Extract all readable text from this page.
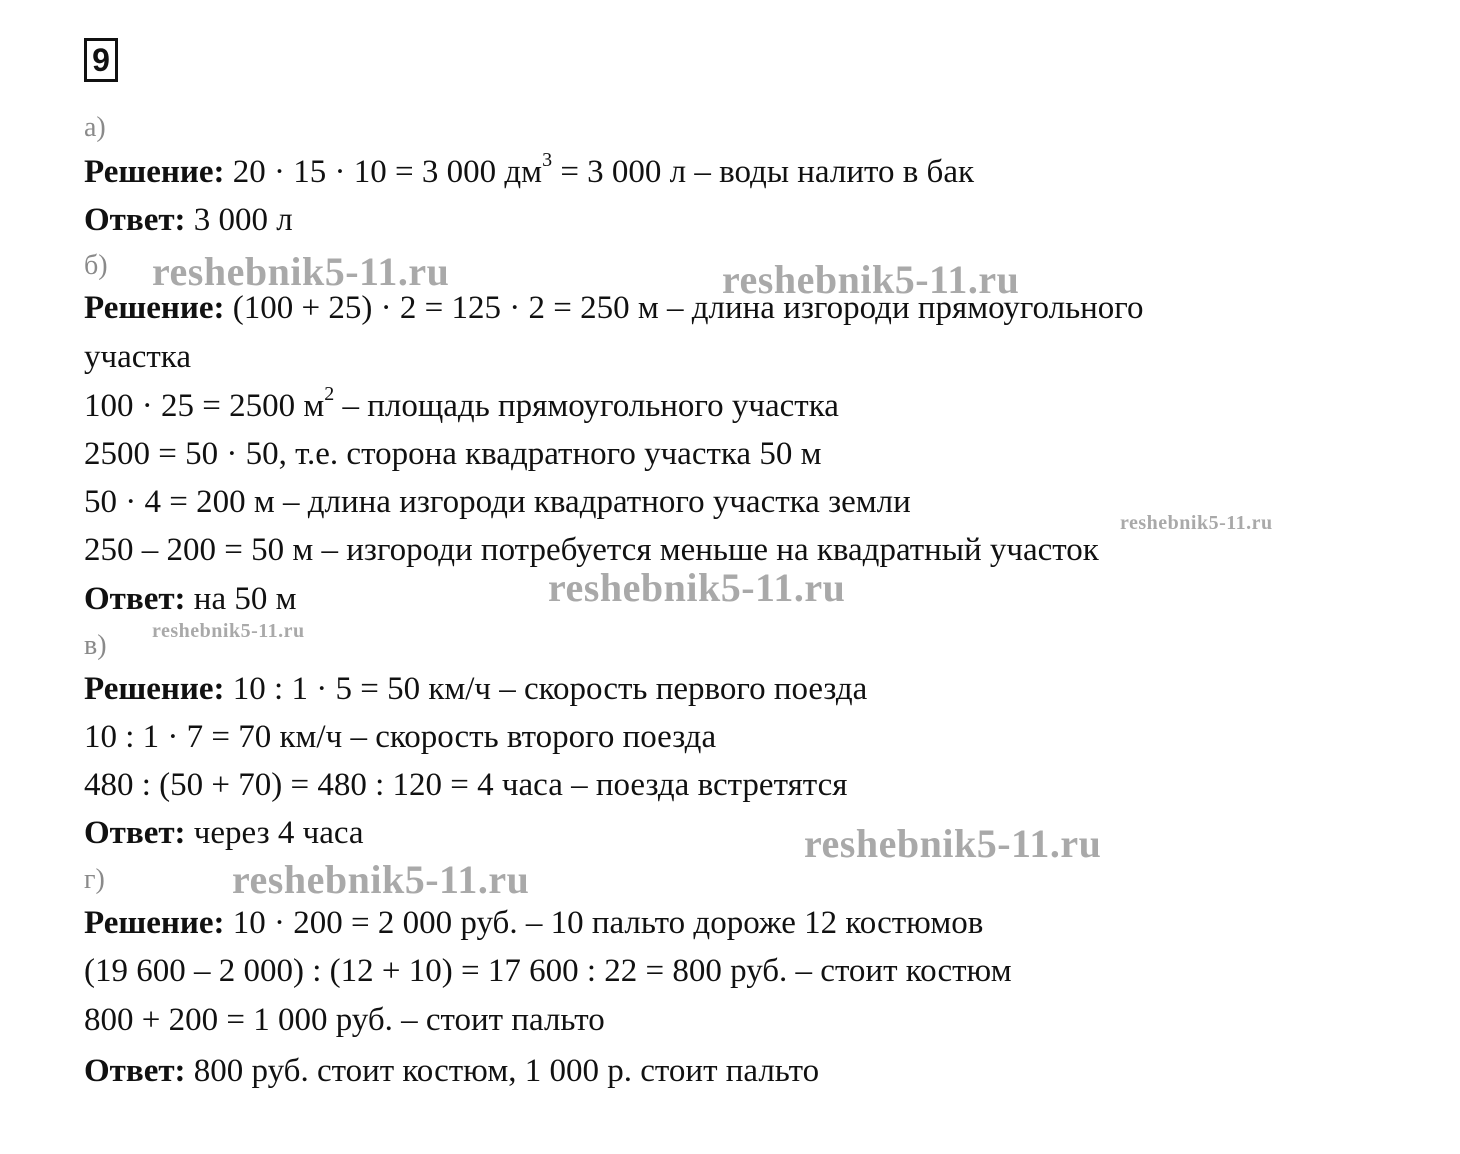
9
а)
Решение: 20 · 15 · 10 = 3 000 $дм^3 = 3$ 000 л – воды налито в бак
Ответ: 3 000 л
б)
Решение: (100 + 25) · 2 = 125 · 2 = 250 м – длина изгороди прямоугольного
участка
100 · 25 = 2500 $м^2$ – площадь прямоугольного участка
2500 = 50 · 50, т.е. сторона квадратного участка 50 м
50 · 4 = 200 м – длина изгороди квадратного участка земли
250 – 200 = 50 м – изгороди потребуется меньше на квадратный участок
Ответ: на 50 м
в)
Решение: 10 : 1 · 5 = 50 км/ч – скорость первого поезда
10 : 1 · 7 = 70 км/ч – скорость второго поезда
480 : (50 + 70) = 480 : 120 = 4 часа – поезда встретятся
Ответ: через 4 часа
г)
Решение: 10 · 200 = 2 000 руб. – 10 пальто дороже 12 костюмов
(19 600 – 2 000) : (12 + 10) = 17 600 : 22 = 800 руб. – стоит костюм
800 + 200 = 1 000 руб. – стоит пальто
Ответ: 800 руб. стоит костюм, 1 000 р. стоит пальто
reshebnik5-11.ru	reshebnik5-11.ru
reshebnik5-11.ru
reshebnik5-11.ru
reshebnik5-11.ru
reshebnik5-11.ru
reshebnik5-11.ru
